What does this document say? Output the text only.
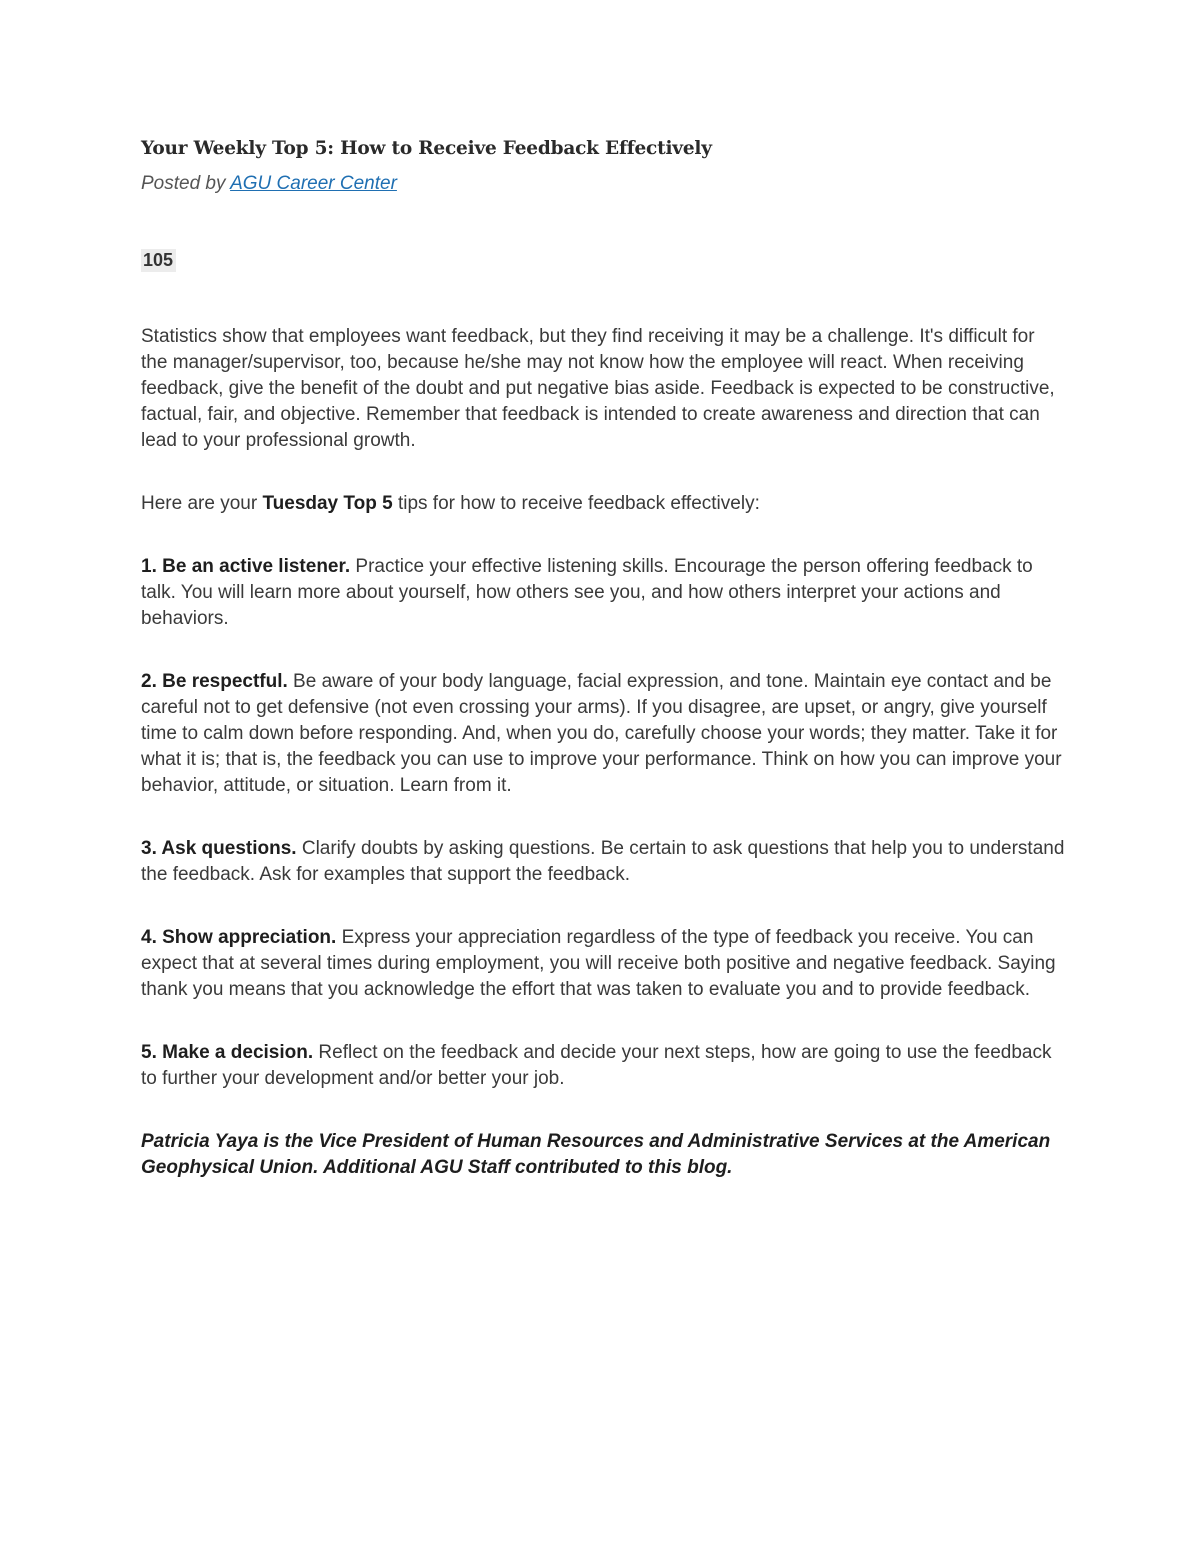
Your Weekly Top 5: How to Receive Feedback Effectively
Posted by AGU Career Center
105

Statistics show that employees want feedback, but they find receiving it may be a challenge. It's difficult for the manager/supervisor, too, because he/she may not know how the employee will react. When receiving feedback, give the benefit of the doubt and put negative bias aside. Feedback is expected to be constructive, factual, fair, and objective. Remember that feedback is intended to create awareness and direction that can lead to your professional growth.

Here are your Tuesday Top 5 tips for how to receive feedback effectively:

1. Be an active listener. Practice your effective listening skills. Encourage the person offering feedback to talk. You will learn more about yourself, how others see you, and how others interpret your actions and behaviors.

2. Be respectful. Be aware of your body language, facial expression, and tone. Maintain eye contact and be careful not to get defensive (not even crossing your arms). If you disagree, are upset, or angry, give yourself time to calm down before responding. And, when you do, carefully choose your words; they matter. Take it for what it is; that is, the feedback you can use to improve your performance. Think on how you can improve your behavior, attitude, or situation. Learn from it.

3. Ask questions. Clarify doubts by asking questions. Be certain to ask questions that help you to understand the feedback. Ask for examples that support the feedback.

4. Show appreciation. Express your appreciation regardless of the type of feedback you receive. You can expect that at several times during employment, you will receive both positive and negative feedback. Saying thank you means that you acknowledge the effort that was taken to evaluate you and to provide feedback.

5. Make a decision. Reflect on the feedback and decide your next steps, how are going to use the feedback to further your development and/or better your job.

Patricia Yaya is the Vice President of Human Resources and Administrative Services at the American Geophysical Union. Additional AGU Staff contributed to this blog.
